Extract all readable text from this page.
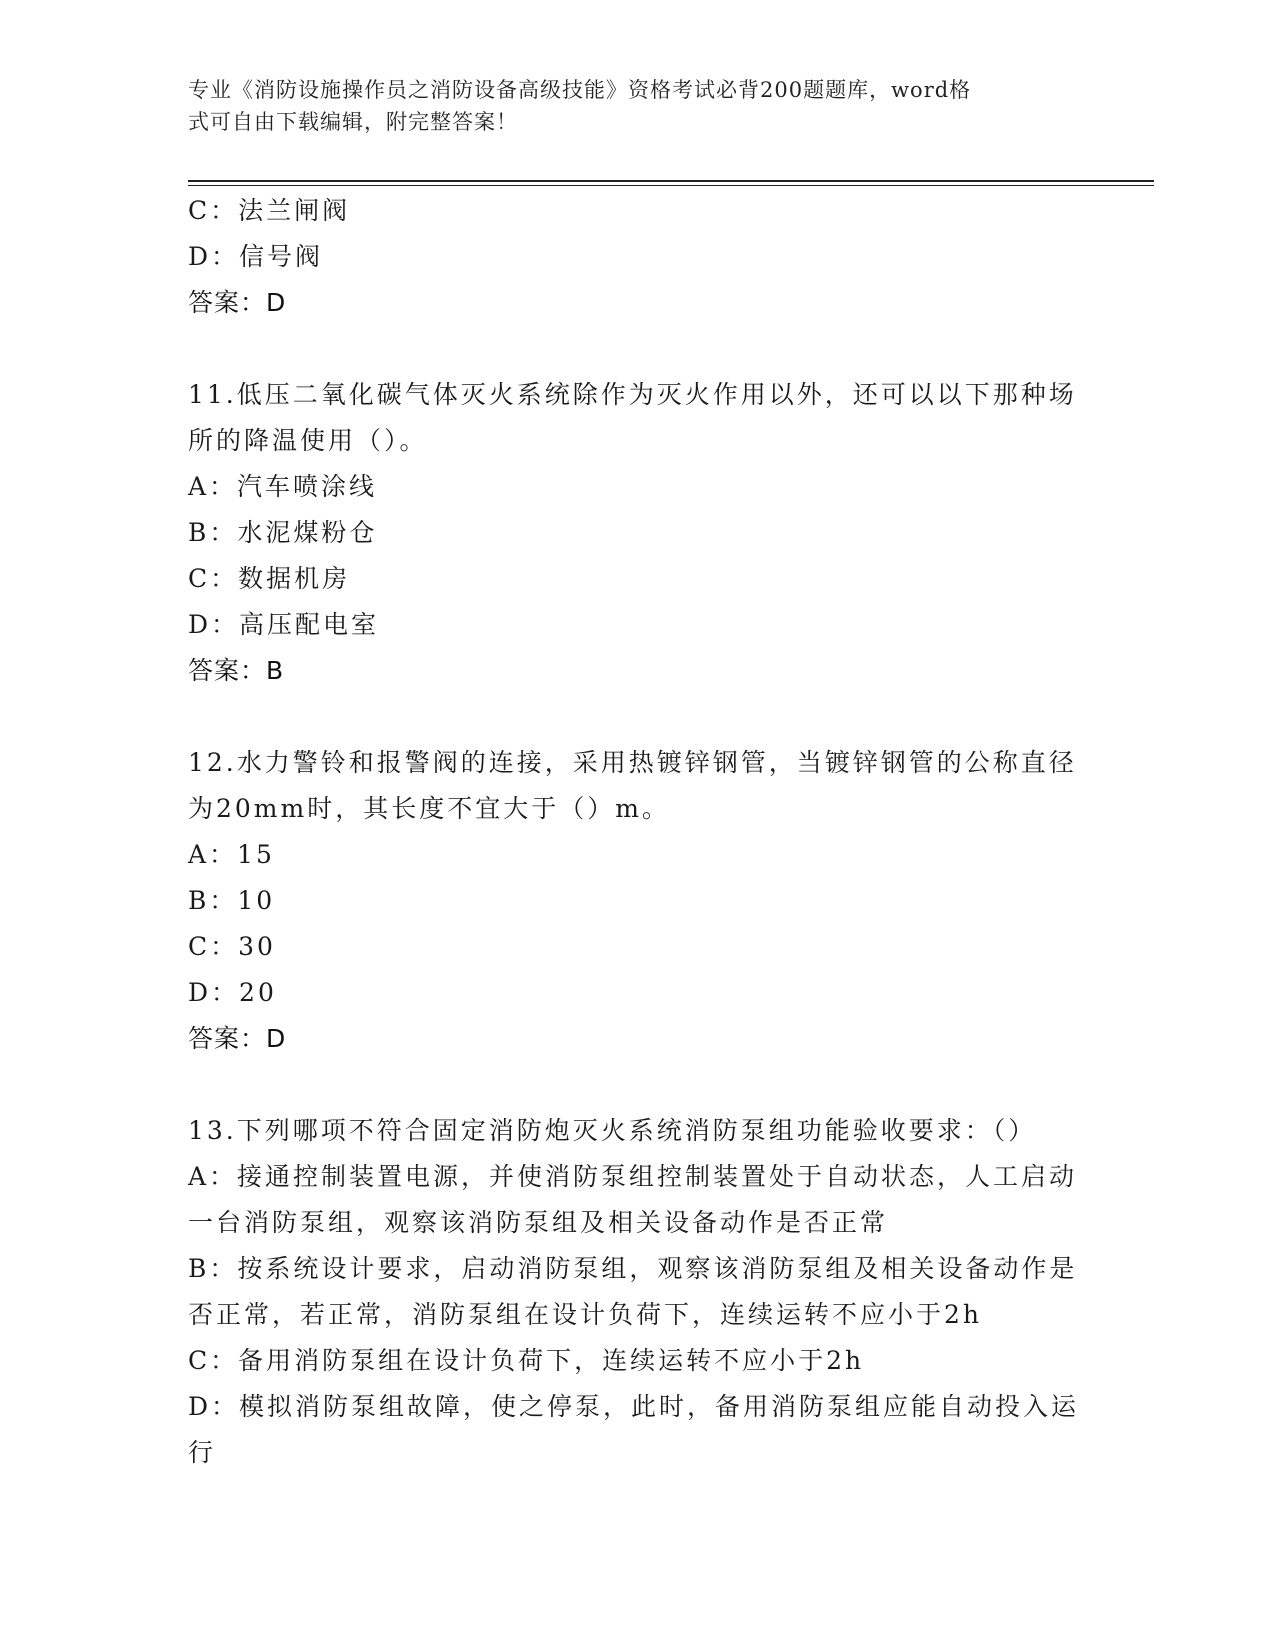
专业《消防设施操作员之消防设备高级技能》资格考试必背200题题库，word格
式可自由下载编辑，附完整答案！
C：法兰闸阀
D：信号阀
答案：D
11.低压二氧化碳气体灭火系统除作为灭火作用以外，还可以以下那种场所的降温使用（）。
A：汽车喷涂线
B：水泥煤粉仓
C：数据机房
D：高压配电室
答案：B
12.水力警铃和报警阀的连接，采用热镀锌钢管，当镀锌钢管的公称直径为20mm时，其长度不宜大于（）m。
A：15
B：10
C：30
D：20
答案：D
13.下列哪项不符合固定消防炮灭火系统消防泵组功能验收要求：（）
A：接通控制装置电源，并使消防泵组控制装置处于自动状态，人工启动一台消防泵组，观察该消防泵组及相关设备动作是否正常
B：按系统设计要求，启动消防泵组，观察该消防泵组及相关设备动作是否正常，若正常，消防泵组在设计负荷下，连续运转不应小于2h
C：备用消防泵组在设计负荷下，连续运转不应小于2h
D：模拟消防泵组故障，使之停泵，此时，备用消防泵组应能自动投入运行
